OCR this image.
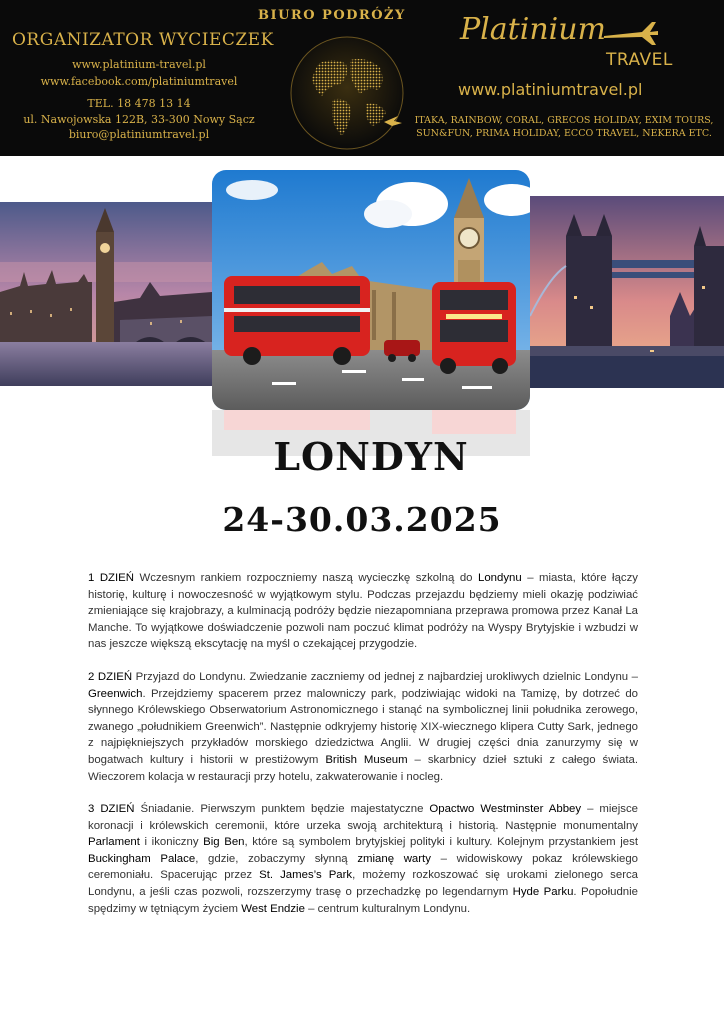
ORGANIZATOR WYCIECZEK
www.platinium-travel.pl
www.facebook.com/platiniumtravel
TEL. 18 478 13 14
ul. Nawojowska 122B, 33-300 Nowy Sącz
biuro@platiniumtravel.pl
BIURO PODRÓŻY Platinium
TRAVEL
www.platiniumtravel.pl
ITAKA, RAINBOW, CORAL, GRECOS HOLIDAY, EXIM TOURS,
SUN&FUN, PRIMA HOLIDAY, ECCO TRAVEL, NEKERA ETC.
LONDYN
24-30.03.2025
1 DZIEŃ Wczesnym rankiem rozpoczniemy naszą wycieczkę szkolną do Londynu – miasta, które łączy historię, kulturę i nowoczesność w wyjątkowym stylu. Podczas przejazdu będziemy mieli okazję podziwiać zmieniające się krajobrazy, a kulminacją podróży będzie niezapomniana przeprawa promowa przez Kanał La Manche. To wyjątkowe doświadczenie pozwoli nam poczuć klimat podróży na Wyspy Brytyjskie i wzbudzi w nas jeszcze większą ekscytację na myśl o czekającej przygodzie.
2 DZIEŃ Przyjazd do Londynu. Zwiedzanie zaczniemy od jednej z najbardziej urokliwych dzielnic Londynu – Greenwich. Przejdziemy spacerem przez malowniczy park, podziwiając widoki na Tamizę, by dotrzeć do słynnego Królewskiego Obserwatorium Astronomicznego i stanąć na symbolicznej linii południka zerowego, zwanego „południkiem Greenwich”. Następnie odkryjemy historię XIX-wiecznego klipera Cutty Sark, jednego z najpiękniejszych przykładów morskiego dziedzictwa Anglii. W drugiej części dnia zanurzymy się w bogatwach kultury i historii w prestiżowym British Museum – skarbnicy dzieł sztuki z całego świata. Wieczorem kolacja w restauracji przy hotelu, zakwaterowanie i nocleg.
3 DZIEŃ Śniadanie. Pierwszym punktem będzie majestatyczne Opactwo Westminster Abbey – miejsce koronacji i królewskich ceremonii, które urzeka swoją architekturą i historią. Następnie monumentalny Parlament i ikoniczny Big Ben, które są symbolem brytyjskiej polityki i kultury. Kolejnym przystankiem jest Buckingham Palace, gdzie, zobaczymy słynną zmianę warty – widowiskowy pokaz królewskiego ceremoniału. Spacerując przez St. James’s Park, możemy rozkoszować się urokami zielonego serca Londynu, a jeśli czas pozwoli, rozszerzymy trasę o przechadzkę po legendarnym Hyde Parku. Popołudnie spędzimy w tętniącym życiem West Endzie – centrum kulturalnym Londynu.
